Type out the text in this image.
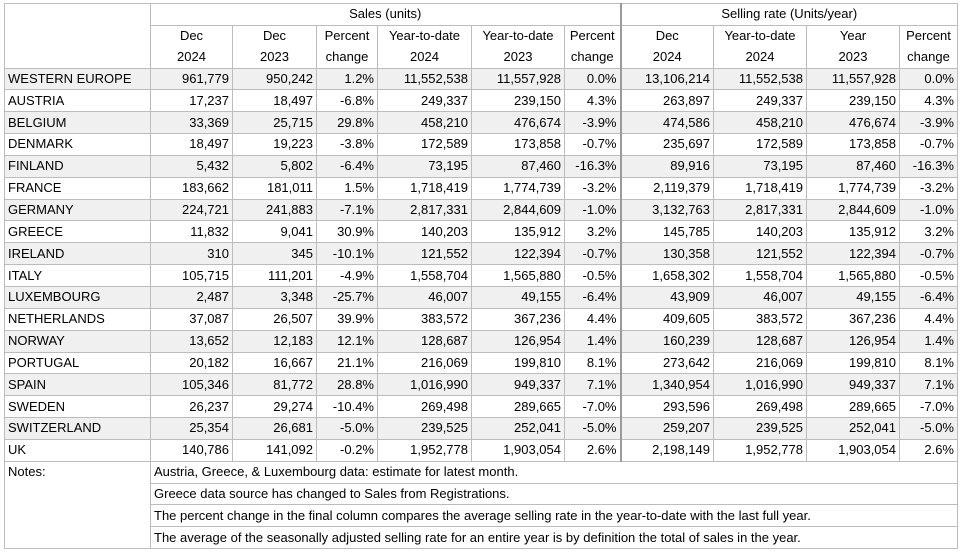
	Sales (units)						Selling rate (Units/year)			
	Dec	Dec	Percent	Year-to-date	Year-to-date	Percent	Dec	Year-to-date	Year	Percent
	2024	2023	change	2024	2023	change	2024	2024	2023	change
WESTERN EUROPE	961,779	950,242	1.2%	11,552,538	11,557,928	0.0%	13,106,214	11,552,538	11,557,928	0.0%
AUSTRIA	17,237	18,497	-6.8%	249,337	239,150	4.3%	263,897	249,337	239,150	4.3%
BELGIUM	33,369	25,715	29.8%	458,210	476,674	-3.9%	474,586	458,210	476,674	-3.9%
DENMARK	18,497	19,223	-3.8%	172,589	173,858	-0.7%	235,697	172,589	173,858	-0.7%
FINLAND	5,432	5,802	-6.4%	73,195	87,460	-16.3%	89,916	73,195	87,460	-16.3%
FRANCE	183,662	181,011	1.5%	1,718,419	1,774,739	-3.2%	2,119,379	1,718,419	1,774,739	-3.2%
GERMANY	224,721	241,883	-7.1%	2,817,331	2,844,609	-1.0%	3,132,763	2,817,331	2,844,609	-1.0%
GREECE	11,832	9,041	30.9%	140,203	135,912	3.2%	145,785	140,203	135,912	3.2%
IRELAND	310	345	-10.1%	121,552	122,394	-0.7%	130,358	121,552	122,394	-0.7%
ITALY	105,715	111,201	-4.9%	1,558,704	1,565,880	-0.5%	1,658,302	1,558,704	1,565,880	-0.5%
LUXEMBOURG	2,487	3,348	-25.7%	46,007	49,155	-6.4%	43,909	46,007	49,155	-6.4%
NETHERLANDS	37,087	26,507	39.9%	383,572	367,236	4.4%	409,605	383,572	367,236	4.4%
NORWAY	13,652	12,183	12.1%	128,687	126,954	1.4%	160,239	128,687	126,954	1.4%
PORTUGAL	20,182	16,667	21.1%	216,069	199,810	8.1%	273,642	216,069	199,810	8.1%
SPAIN	105,346	81,772	28.8%	1,016,990	949,337	7.1%	1,340,954	1,016,990	949,337	7.1%
SWEDEN	26,237	29,274	-10.4%	269,498	289,665	-7.0%	293,596	269,498	289,665	-7.0%
SWITZERLAND	25,354	26,681	-5.0%	239,525	252,041	-5.0%	259,207	239,525	252,041	-5.0%
UK	140,786	141,092	-0.2%	1,952,778	1,903,054	2.6%	2,198,149	1,952,778	1,903,054	2.6%
Notes:	Austria, Greece, & Luxembourg data: estimate for latest month.									
	Greece data source has changed to Sales from Registrations.									
	The percent change in the final column compares the average selling rate in the year-to-date with the last full year.									
	The average of the seasonally adjusted selling rate for an entire year is by definition the total of sales in the year.									
